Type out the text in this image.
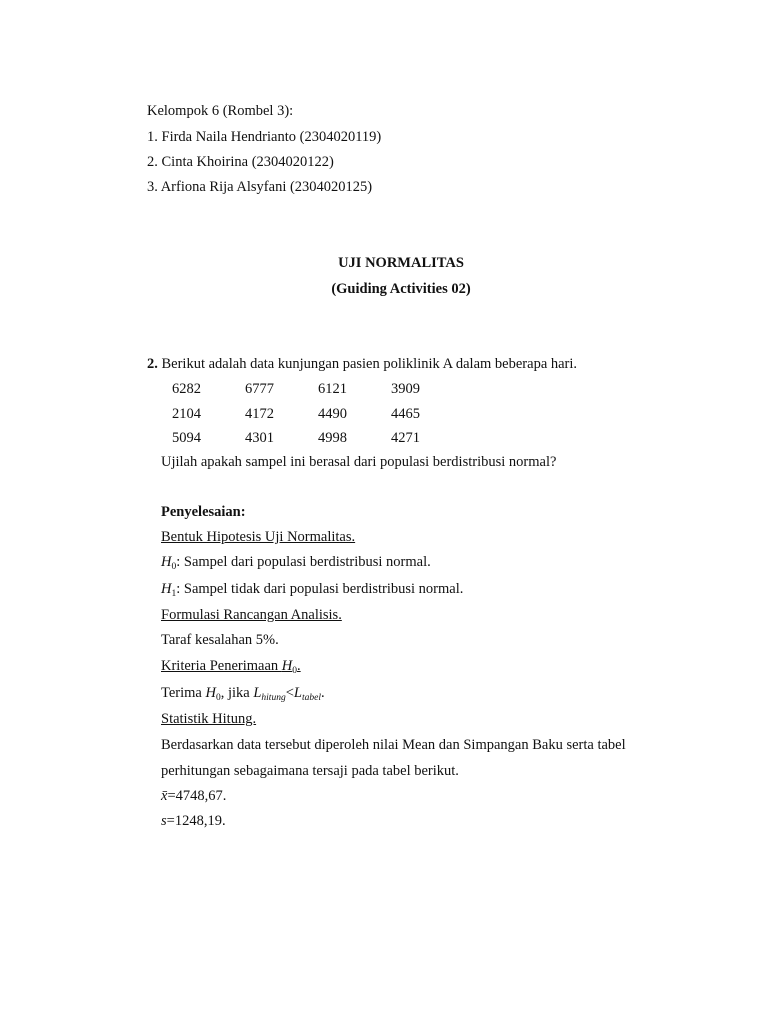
Kelompok 6 (Rombel 3):
1. Firda Naila Hendrianto (2304020119)
2. Cinta Khoirina (2304020122)
3. Arfiona Rija Alsyfani (2304020125)
UJI NORMALITAS
(Guiding Activities 02)
2. Berikut adalah data kunjungan pasien poliklinik A dalam beberapa hari.
6282	6777	6121	3909
2104	4172	4490	4465
5094	4301	4998	4271
Ujilah apakah sampel ini berasal dari populasi berdistribusi normal?
Penyelesaian:
Bentuk Hipotesis Uji Normalitas.
$H_0$: Sampel dari populasi berdistribusi normal.
$H_1$: Sampel tidak dari populasi berdistribusi normal.
Formulasi Rancangan Analisis.
Taraf kesalahan 5%.
Kriteria Penerimaan $H_0$.
Terima $H_0$, jika $L_{hitung}<L_{tabel}$.
Statistik Hitung.
Berdasarkan data tersebut diperoleh nilai Mean dan Simpangan Baku serta tabel
perhitungan sebagaimana tersaji pada tabel berikut.
x̄=4748,67.
s=1248,19.
